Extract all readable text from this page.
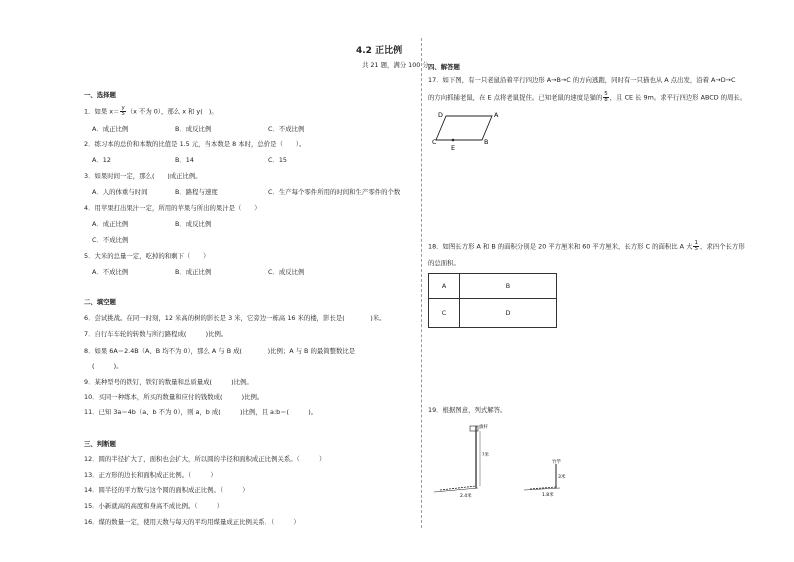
4.2 正比例
共 21 题，满分 100 分
一、选择题
1．如果 $x= \frac{y}{5} (x$ 不为 0），那么 x 和 y( )。
A．成正比例	B．成反比例	C．不成比例
2．练习本的总价和本数的比值是 1.5 元，当本数是 8 本时，总价是（　　）。
A．12	B．14	C．15
3．如果时间一定，那么(　　)成正比例。
A．人的体重与时间	B．路程与速度	C．生产每个零件所用的时间和生产零件的个数
4．用苹果打出果汁一定，所用的苹果与所出的果汁是（　　）
A．成正比例	B．成反比例
C．不成比例
5．大米的总量一定，吃掉的和剩下（　　）
A．不成比例	B．成正比例	C．成反比例
二、填空题
6．尝试挑战。在同一时刻，12 米高的树的影长是 3 米，它旁边一栋高 16 米的楼，影长是(　　　　)米。
7．自行车车轮的转数与所行路程成(　　　)比例。
8．如果 6A＝2.4B（A、B 均不为 0），那么 A 与 B 成(　　　　)比例；A 与 B 的最简整数比是
(　　　)。
9．某种型号的铁钉，铁钉的数量和总质量成(　　　)比例。
10．买同一种练本，所买的数量和应付的钱数成(　　　)比例。
11．已知 3a＝4b（a、b 不为 0），则 a，b 成(　　　)比例，且 a:b＝(　　　)。
三、判断题
12．圆的半径扩大了，面积也会扩大，所以圆的半径和面积成正比例关系。（　　　）
13．正方形的边长和面积成正比例。（　　　）
14．圆半径的平方数与这个圆的面积成正比例。（　　　）
15．小新就高的高度和身高不成比例。（　　　）
16．煤的数量一定，使用天数与每天的平均用煤量成正比例关系．（　　　）
四、解答题
17．如下图，有一只老鼠沿着平行四边形 A→B→C 的方向逃跑，同时有一只猫也从 A 点出发，沿着 A→D→C
的方向抓捕老鼠，在 E 点将老鼠捉住。已知老鼠的速度是猫的 $\frac{5}{8}$ ，且 CE 长 9m。求平行四边形 ABCD 的周长。
D	A
C	B
E
18．如图长方形 A 和 B 的面积分别是 20 平方厘米和 60 平方厘米，长方形 C 的面积比 A 大 $\frac{1}{5}$ ，求四个长方形
的总面积。
A	B
C	D
19．根据图意，列式解答。
旗杆
?米
2.4米
竹竿
3米
1.8米
